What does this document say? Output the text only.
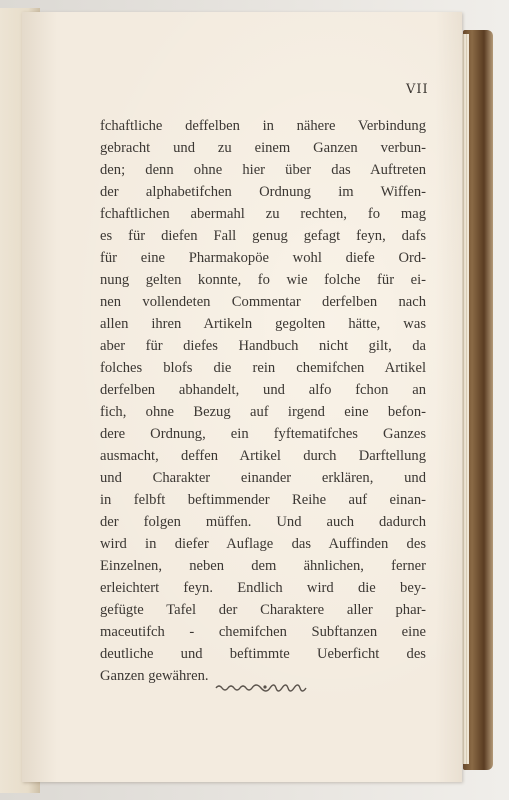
VII
fchaftliche deffelben in nähere Verbindung
gebracht und zu einem Ganzen verbun-
den; denn ohne hier über das Auftreten
der alphabetifchen Ordnung im Wiffen-
fchaftlichen abermahl zu rechten, fo mag
es für diefen Fall genug gefagt feyn, dafs
für eine Pharmakopöe wohl diefe Ord-
nung gelten konnte, fo wie folche für ei-
nen vollendeten Commentar derfelben nach
allen ihren Artikeln gegolten hätte, was
aber für diefes Handbuch nicht gilt, da
folches blofs die rein chemifchen Artikel
derfelben abhandelt, und alfo fchon an
fich, ohne Bezug auf irgend eine befon-
dere Ordnung, ein fyftematifches Ganzes
ausmacht, deffen Artikel durch Darftellung
und Charakter einander erklären, und
in felbft beftimmender Reihe auf einan-
der folgen müffen. Und auch dadurch
wird in diefer Auflage das Auffinden des
Einzelnen, neben dem ähnlichen, ferner
erleichtert feyn. Endlich wird die bey-
gefügte Tafel der Charaktere aller phar-
maceutifch - chemifchen Subftanzen eine
deutliche und beftimmte Ueberficht des
Ganzen gewähren.
